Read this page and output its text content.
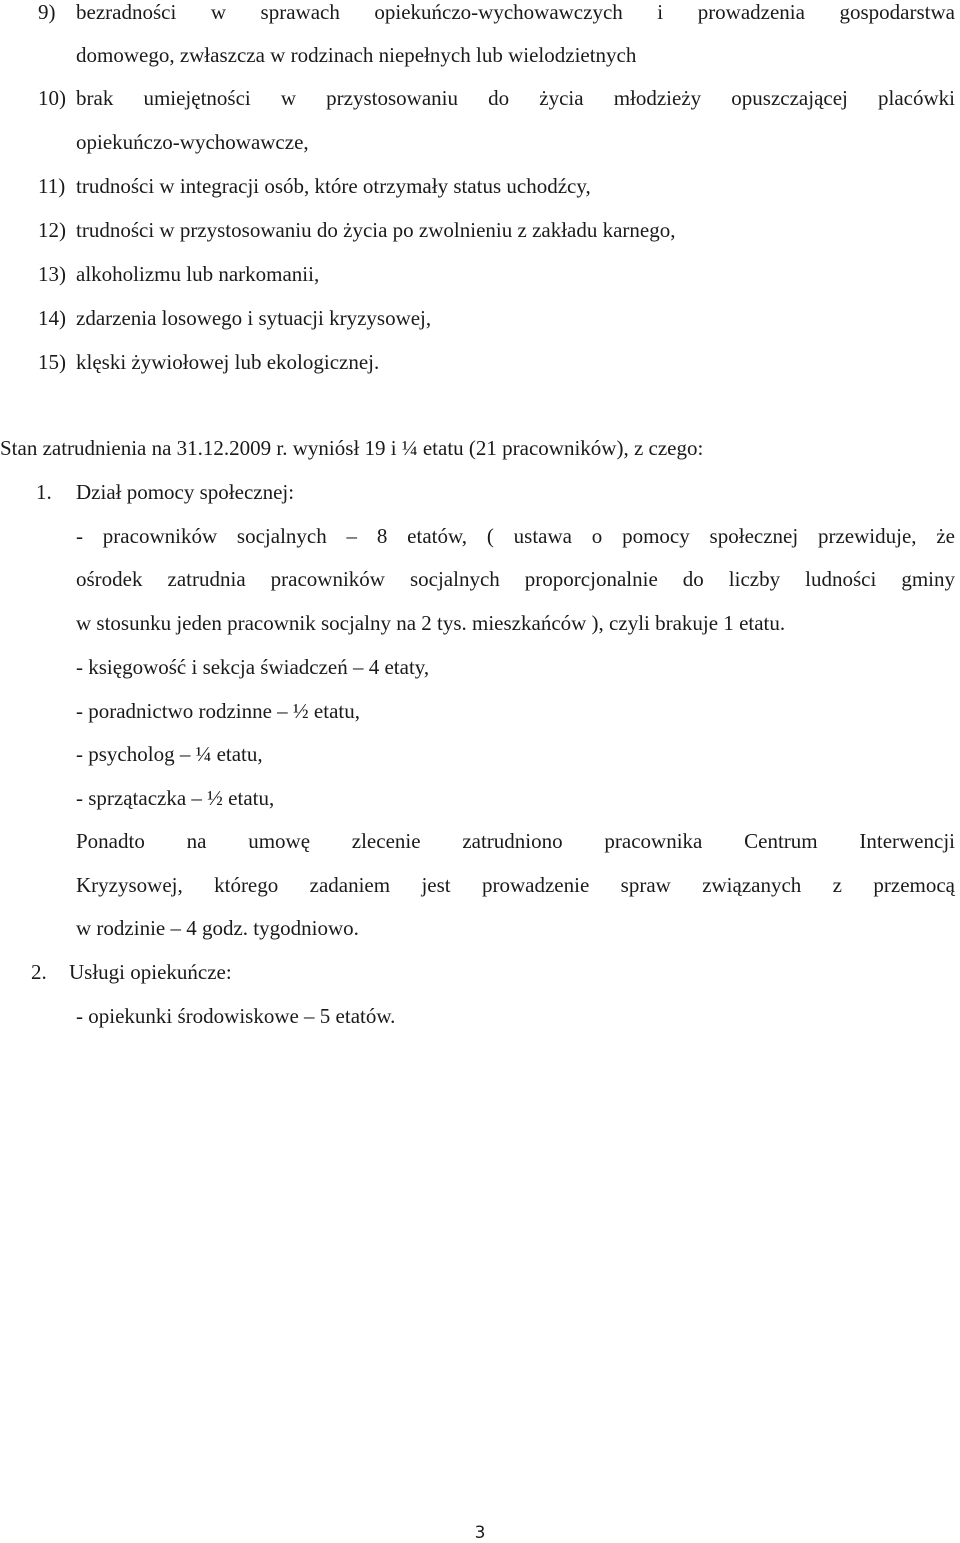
9) bezradności w sprawach opiekuńczo-wychowawczych i prowadzenia gospodarstwa
domowego, zwłaszcza w rodzinach niepełnych lub wielodzietnych
10) brak umiejętności w przystosowaniu do życia młodzieży opuszczającej placówki
opiekuńczo-wychowawcze,
11) trudności w integracji osób, które otrzymały status uchodźcy,
12) trudności w przystosowaniu do życia po zwolnieniu z zakładu karnego,
13) alkoholizmu lub narkomanii,
14) zdarzenia losowego i sytuacji kryzysowej,
15) klęski żywiołowej lub ekologicznej.
Stan zatrudnienia na 31.12.2009 r. wyniósł 19 i ¼ etatu (21 pracowników), z czego:
1. Dział pomocy społecznej:
- pracowników socjalnych – 8 etatów, ( ustawa o pomocy społecznej przewiduje, że
ośrodek zatrudnia pracowników socjalnych proporcjonalnie do liczby ludności gminy
w stosunku jeden pracownik socjalny na 2 tys. mieszkańców ), czyli brakuje 1 etatu.
- księgowość i sekcja świadczeń – 4 etaty,
- poradnictwo rodzinne – ½ etatu,
- psycholog – ¼ etatu,
- sprzątaczka – ½ etatu,
Ponadto na umowę zlecenie zatrudniono pracownika Centrum Interwencji
Kryzysowej, którego zadaniem jest prowadzenie spraw związanych z przemocą
w rodzinie – 4 godz. tygodniowo.
2. Usługi opiekuńcze:
- opiekunki środowiskowe – 5 etatów.
3
